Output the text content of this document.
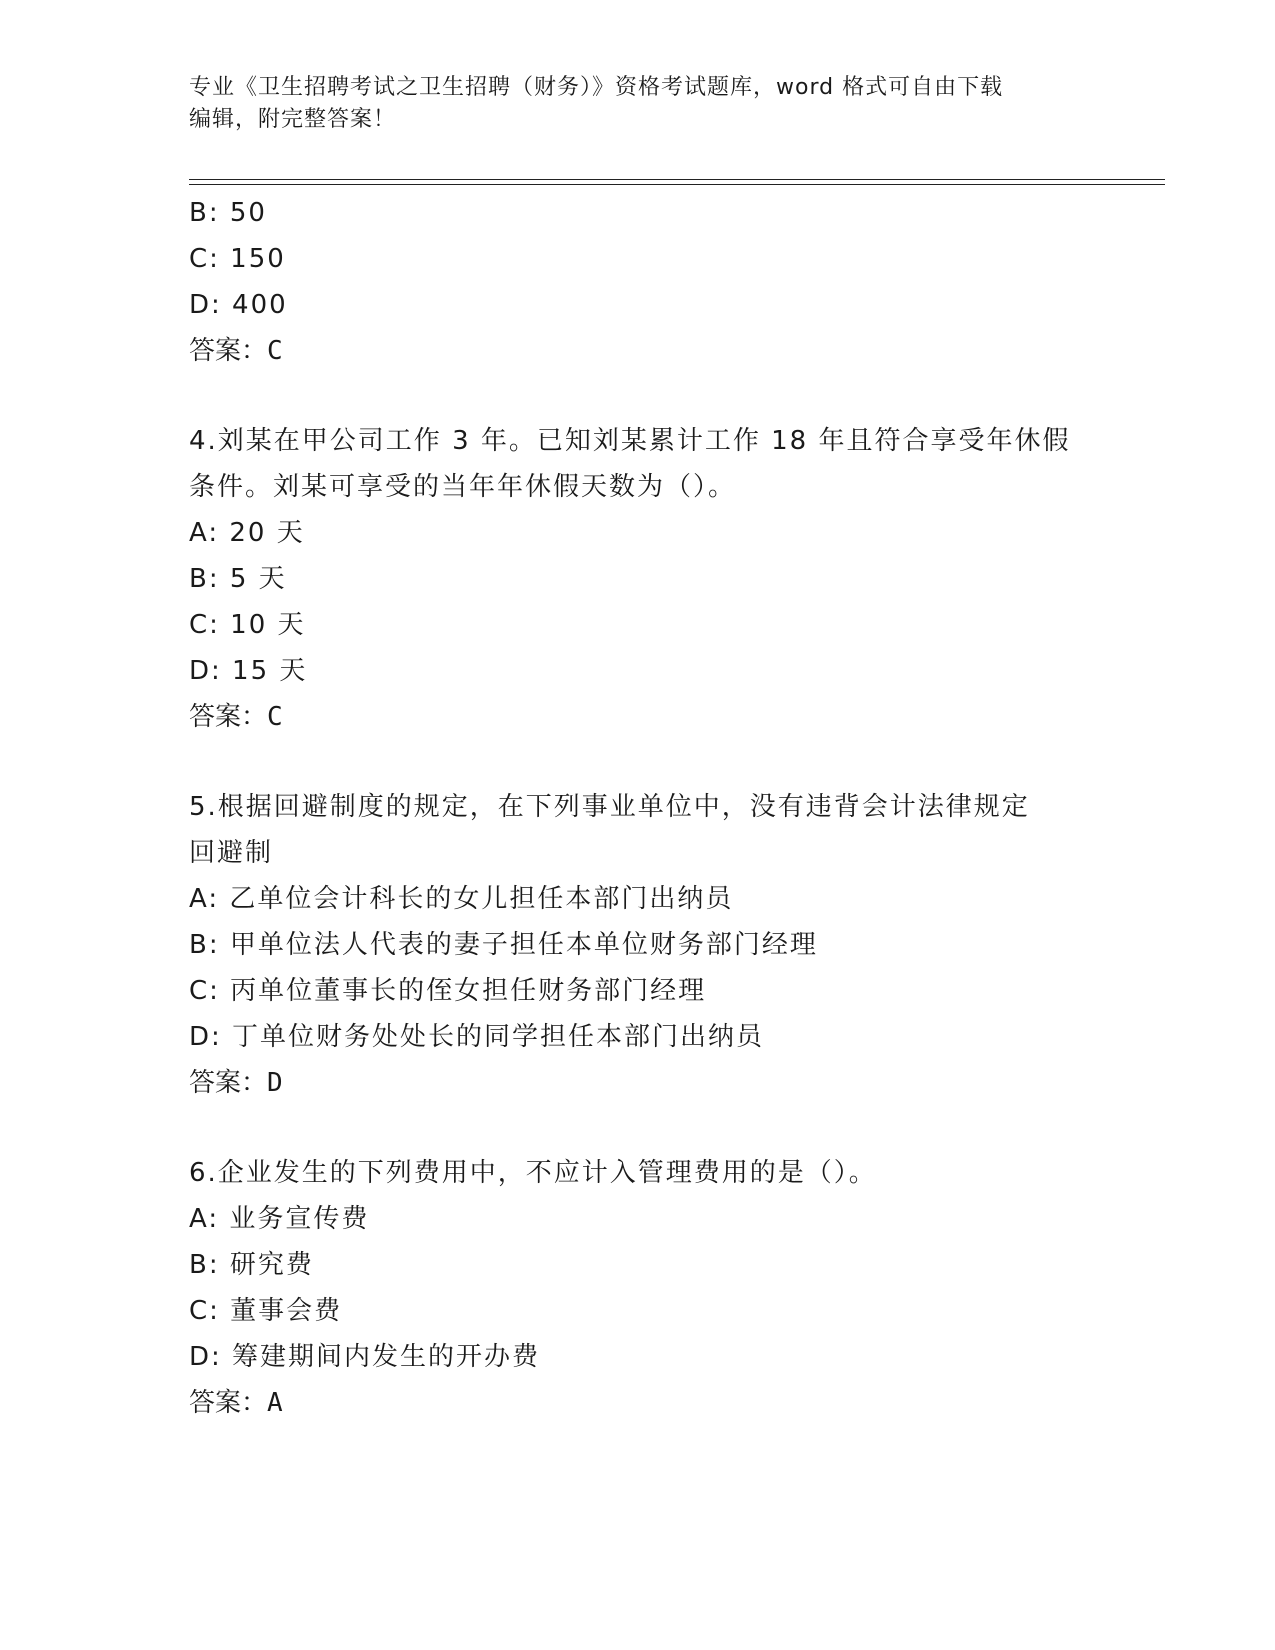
专业《卫生招聘考试之卫生招聘（财务）》资格考试题库，word 格式可自由下载
编辑，附完整答案！
B: 50
C: 150
D: 400
答案：C
4.刘某在甲公司工作 3 年。已知刘某累计工作 18 年且符合享受年休假
条件。刘某可享受的当年年休假天数为（）。
A: 20 天
B: 5 天
C: 10 天
D: 15 天
答案：C
5.根据回避制度的规定，在下列事业单位中，没有违背会计法律规定
回避制
A: 乙单位会计科长的女儿担任本部门出纳员
B: 甲单位法人代表的妻子担任本单位财务部门经理
C: 丙单位董事长的侄女担任财务部门经理
D: 丁单位财务处处长的同学担任本部门出纳员
答案：D
6.企业发生的下列费用中，不应计入管理费用的是（）。
A: 业务宣传费
B: 研究费
C: 董事会费
D: 筹建期间内发生的开办费
答案：A
